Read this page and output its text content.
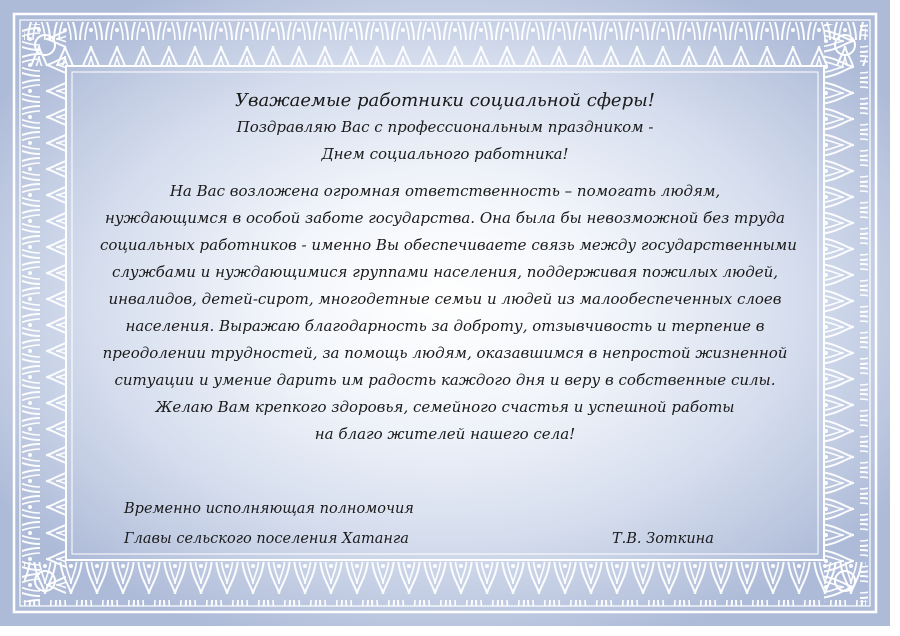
Уважаемые работники социальной сферы!

Поздравляю Вас с профессиональным праздником -

Днем социального работника!

На Вас возложена огромная ответственность – помогать людям,
нуждающимся в особой заботе государства. Она была бы невозможной без труда
социальных работников - именно Вы обеспечиваете связь между государственными
службами и нуждающимися группами населения, поддерживая пожилых людей,
инвалидов, детей-сирот, многодетные семьи и людей из малообеспеченных слоев
населения. Выражаю благодарность за доброту, отзывчивость и терпение в
преодолении трудностей, за помощь людям, оказавшимся в непростой жизненной
ситуации и умение дарить им радость каждого дня и веру в собственные силы.
Желаю Вам крепкого здоровья, семейного счастья и успешной работы
на благо жителей нашего села!
Временно исполняющая полномочия
Главы сельского поселения Хатанга	Т.В. Зоткина
